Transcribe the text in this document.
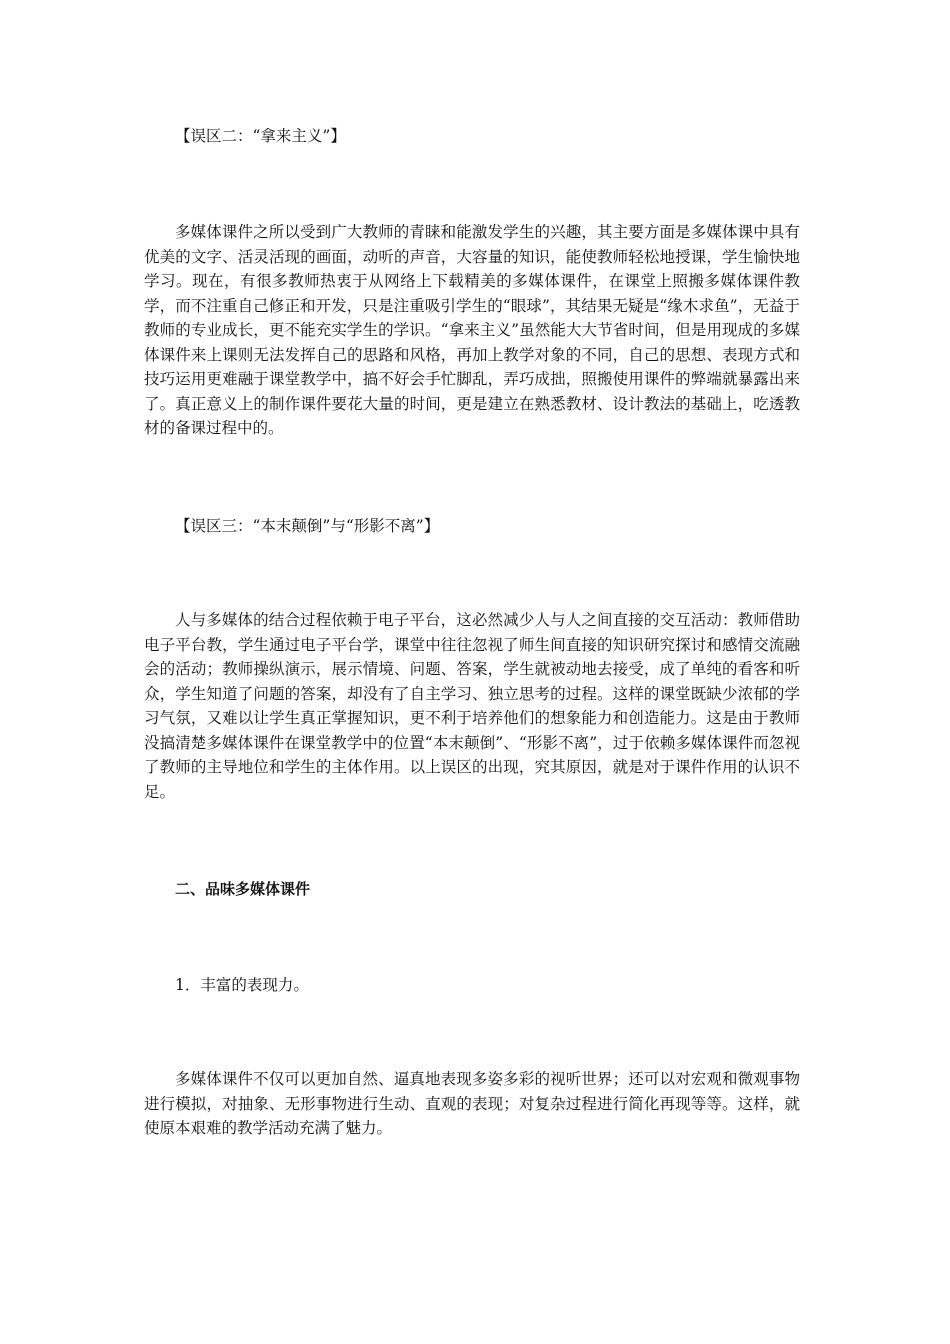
【误区二：“拿来主义”】

多媒体课件之所以受到广大教师的青睐和能激发学生的兴趣，其主要方面是多媒体课中具有优美的文字、活灵活现的画面，动听的声音，大容量的知识，能使教师轻松地授课，学生愉快地学习。现在，有很多教师热衷于从网络上下载精美的多媒体课件，在课堂上照搬多媒体课件教学，而不注重自己修正和开发，只是注重吸引学生的“眼球”，其结果无疑是“缘木求鱼”，无益于教师的专业成长，更不能充实学生的学识。“拿来主义”虽然能大大节省时间，但是用现成的多媒体课件来上课则无法发挥自己的思路和风格，再加上教学对象的不同，自己的思想、表现方式和技巧运用更难融于课堂教学中，搞不好会手忙脚乱，弄巧成拙，照搬使用课件的弊端就暴露出来了。真正意义上的制作课件要花大量的时间，更是建立在熟悉教材、设计教法的基础上，吃透教材的备课过程中的。

【误区三：“本末颠倒”与“形影不离”】

人与多媒体的结合过程依赖于电子平台，这必然减少人与人之间直接的交互活动：教师借助电子平台教，学生通过电子平台学，课堂中往往忽视了师生间直接的知识研究探讨和感情交流融会的活动；教师操纵演示，展示情境、问题、答案，学生就被动地去接受，成了单纯的看客和听众，学生知道了问题的答案，却没有了自主学习、独立思考的过程。这样的课堂既缺少浓郁的学习气氛，又难以让学生真正掌握知识，更不利于培养他们的想象能力和创造能力。这是由于教师没搞清楚多媒体课件在课堂教学中的位置“本末颠倒”、“形影不离”，过于依赖多媒体课件而忽视了教师的主导地位和学生的主体作用。以上误区的出现，究其原因，就是对于课件作用的认识不足。

二、品味多媒体课件
1．丰富的表现力。

多媒体课件不仅可以更加自然、逼真地表现多姿多彩的视听世界；还可以对宏观和微观事物进行模拟，对抽象、无形事物进行生动、直观的表现；对复杂过程进行简化再现等等。这样，就使原本艰难的教学活动充满了魅力。
